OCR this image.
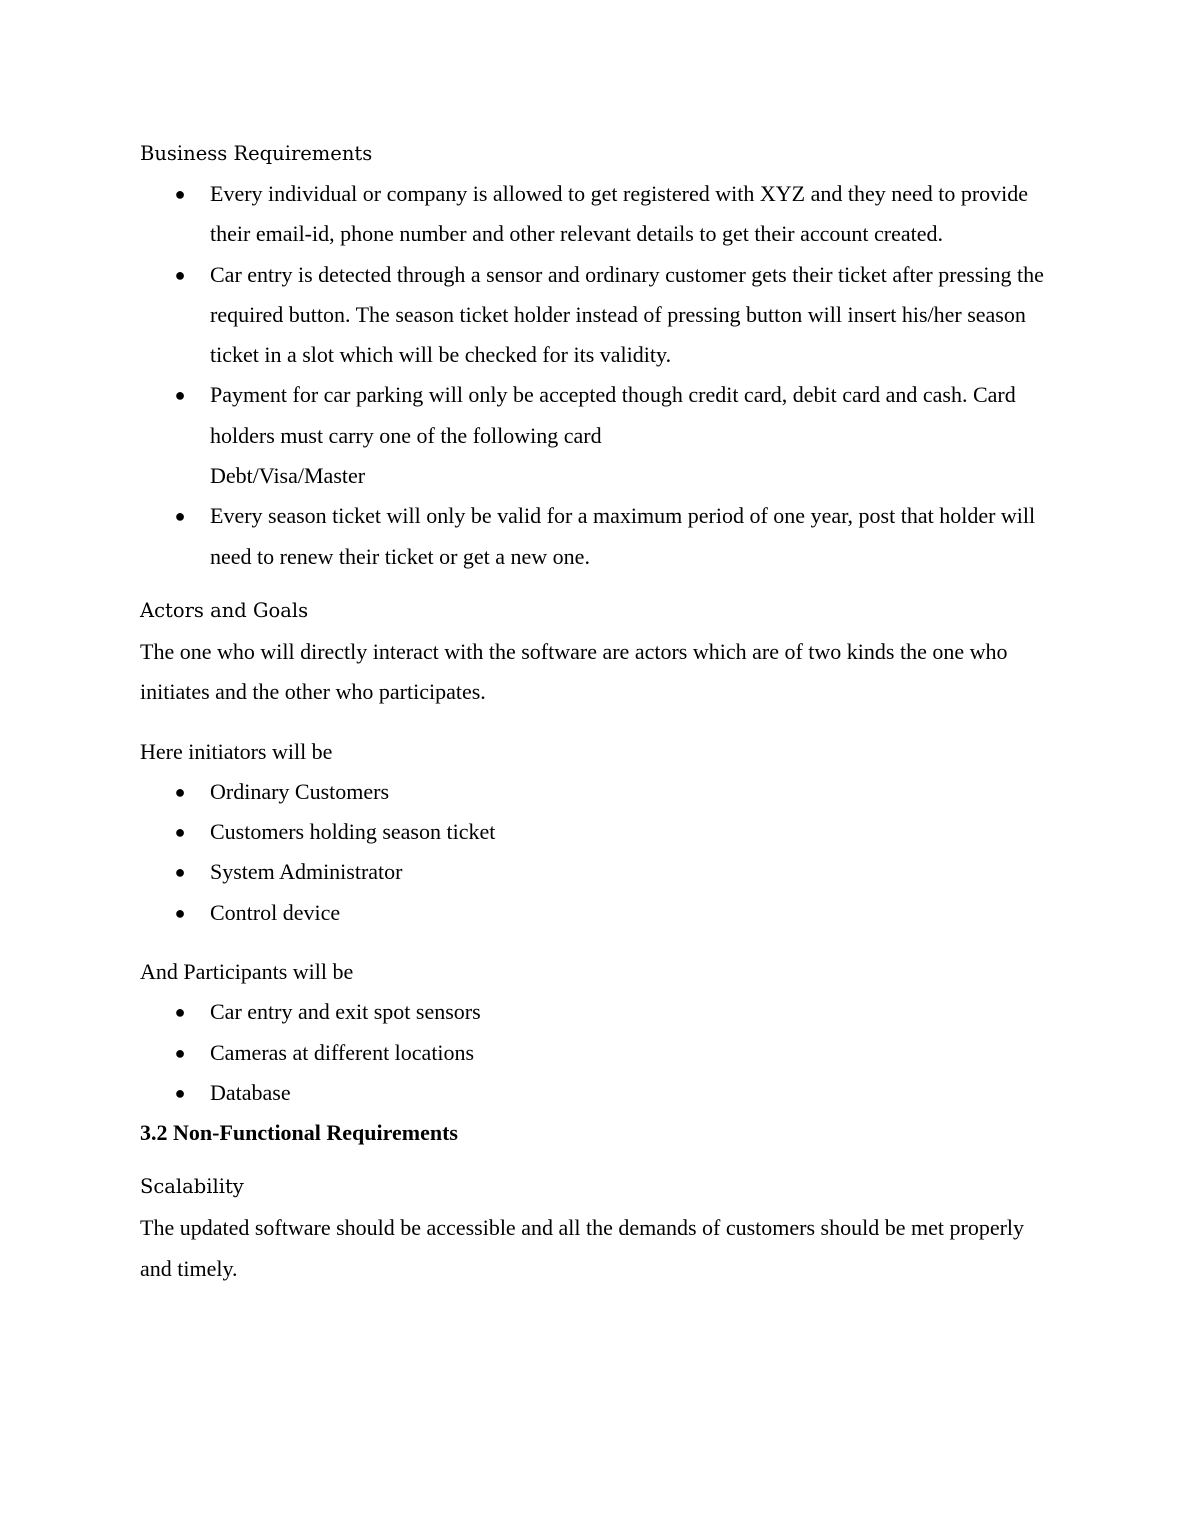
Business Requirements

● Every individual or company is allowed to get registered with XYZ and they need to provide their email-id, phone number and other relevant details to get their account created.
● Car entry is detected through a sensor and ordinary customer gets their ticket after pressing the required button. The season ticket holder instead of pressing button will insert his/her season ticket in a slot which will be checked for its validity.
● Payment for car parking will only be accepted though credit card, debit card and cash. Card holders must carry one of the following card
Debt/Visa/Master
● Every season ticket will only be valid for a maximum period of one year, post that holder will need to renew their ticket or get a new one.

Actors and Goals

The one who will directly interact with the software are actors which are of two kinds the one who initiates and the other who participates.

Here initiators will be

● Ordinary Customers
● Customers holding season ticket
● System Administrator
● Control device

And Participants will be

● Car entry and exit spot sensors
● Cameras at different locations
● Database

3.2 Non-Functional Requirements

Scalability

The updated software should be accessible and all the demands of customers should be met properly and timely.
